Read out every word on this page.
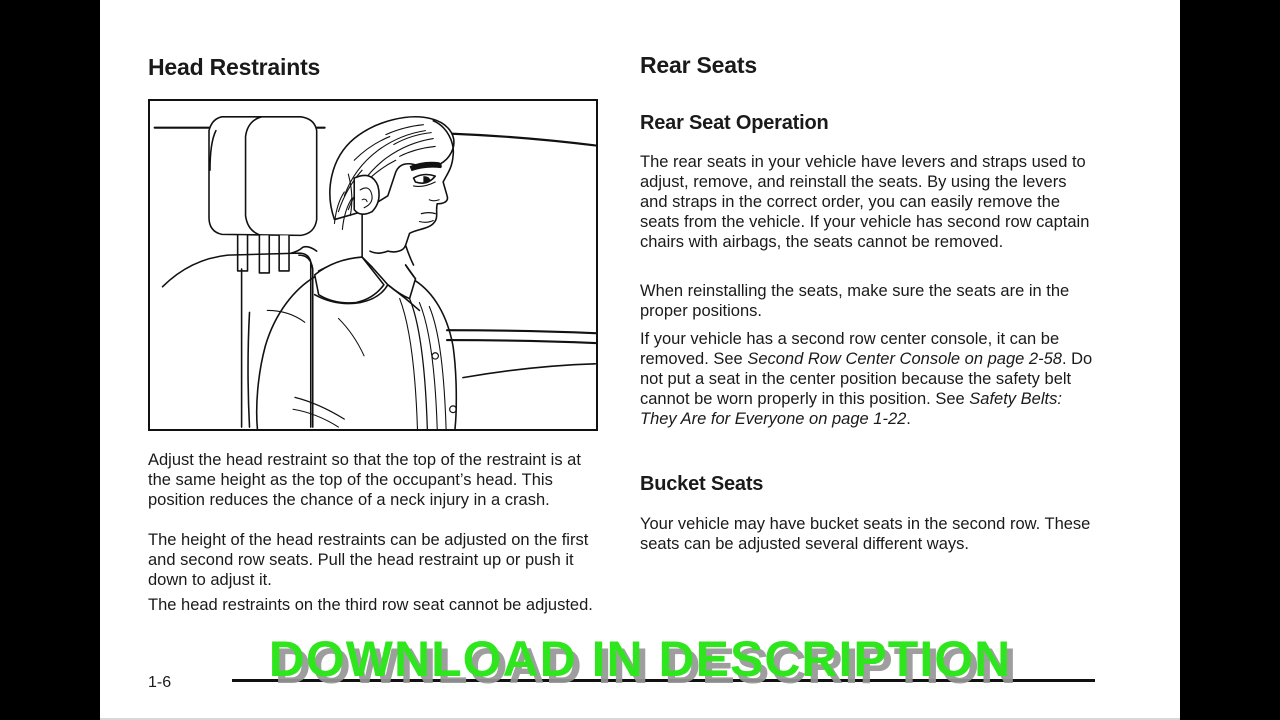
Head Restraints

Adjust the head restraint so that the top of the restraint is at the same height as the top of the occupant’s head. This position reduces the chance of a neck injury in a crash.

The height of the head restraints can be adjusted on the first and second row seats. Pull the head restraint up or push it down to adjust it.

The head restraints on the third row seat cannot be adjusted.

Rear Seats
Rear Seat Operation

The rear seats in your vehicle have levers and straps used to adjust, remove, and reinstall the seats. By using the levers and straps in the correct order, you can easily remove the seats from the vehicle. If your vehicle has second row captain chairs with airbags, the seats cannot be removed.

When reinstalling the seats, make sure the seats are in the proper positions.

If your vehicle has a second row center console, it can be removed. See Second Row Center Console on page 2-58. Do not put a seat in the center position because the safety belt cannot be worn properly in this position. See Safety Belts: They Are for Everyone on page 1-22.

Bucket Seats

Your vehicle may have bucket seats in the second row. These seats can be adjusted several different ways.

1-6	DOWNLOAD IN DESCRIPTION
